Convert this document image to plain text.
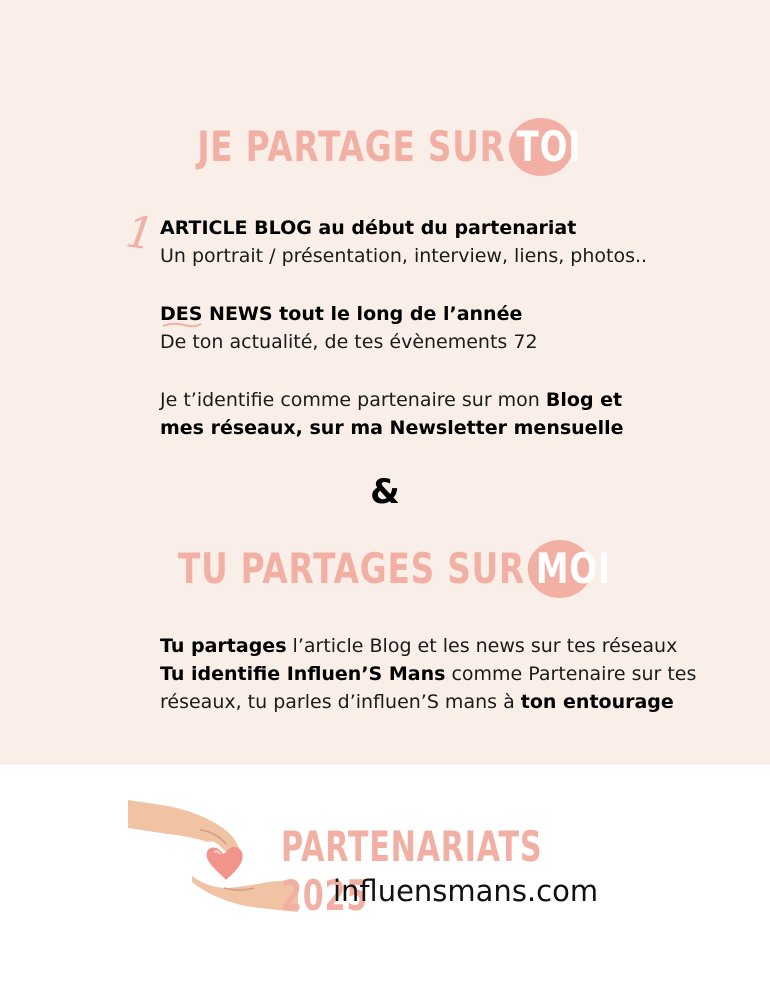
JE PARTAGE SUR TOI
1 ARTICLE BLOG au début du partenariat
Un portrait / présentation, interview, liens, photos..
DES NEWS tout le long de l’année
De ton actualité, de tes évènements 72
Je t’identifie comme partenaire sur mon Blog et
mes réseaux, sur ma Newsletter mensuelle
&
TU PARTAGES SUR MOI
Tu partages l’article Blog et les news sur tes réseaux
Tu identifie Influen’S Mans comme Partenaire sur tes
réseaux, tu parles d’influen’S mans à ton entourage
PARTENARIATS 2025
influensmans.com
